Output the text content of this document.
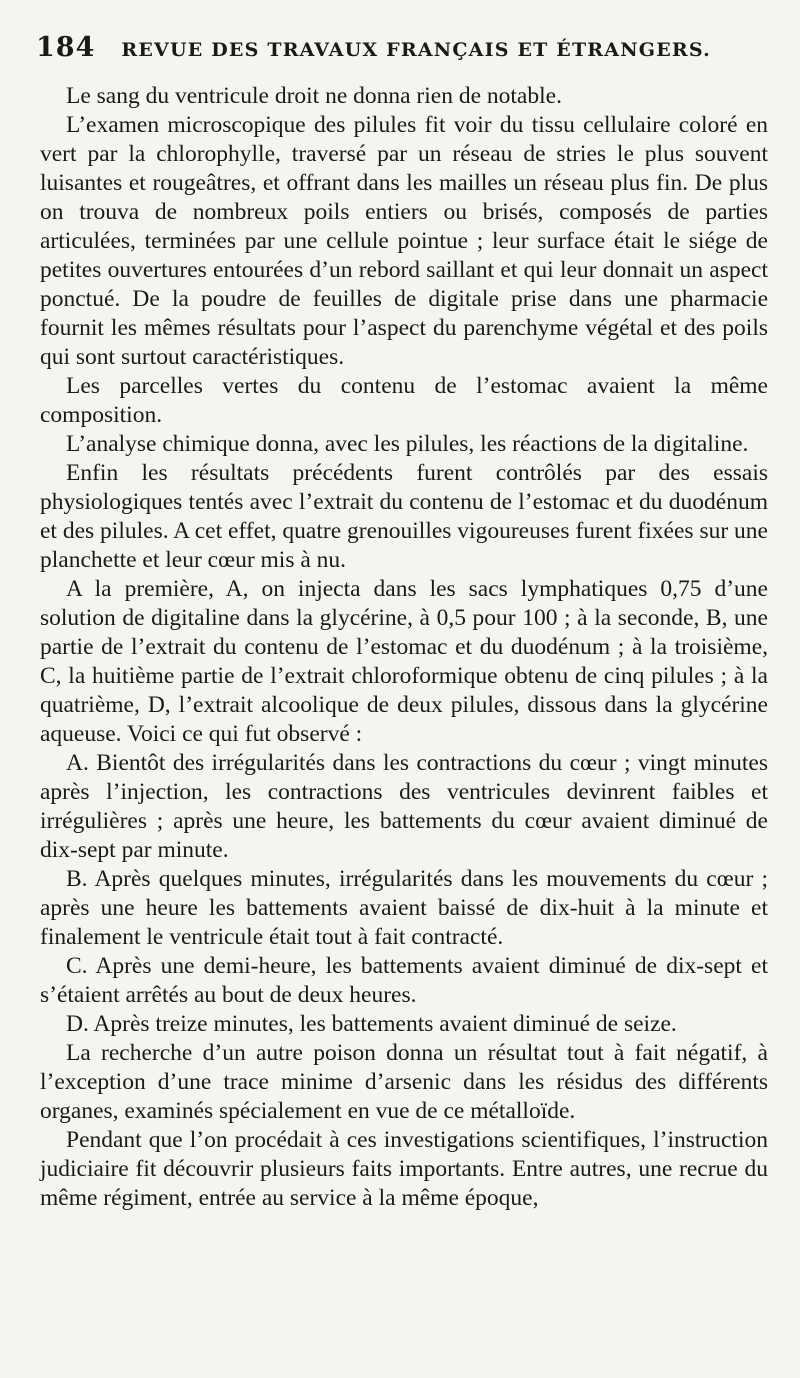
184 REVUE DES TRAVAUX FRANÇAIS ET ÉTRANGERS.

Le sang du ventricule droit ne donna rien de notable.

L’examen microscopique des pilules fit voir du tissu cellulaire coloré en vert par la chlorophylle, traversé par un réseau de stries le plus souvent luisantes et rougeâtres, et offrant dans les mailles un réseau plus fin. De plus on trouva de nombreux poils entiers ou brisés, composés de parties articulées, terminées par une cellule pointue ; leur surface était le siége de petites ouvertures entourées d’un rebord saillant et qui leur donnait un aspect ponctué. De la poudre de feuilles de digitale prise dans une pharmacie fournit les mêmes résultats pour l’aspect du parenchyme végétal et des poils qui sont surtout caractéristiques.

Les parcelles vertes du contenu de l’estomac avaient la même composition.

L’analyse chimique donna, avec les pilules, les réactions de la digitaline.

Enfin les résultats précédents furent contrôlés par des essais physiologiques tentés avec l’extrait du contenu de l’estomac et du duodénum et des pilules. A cet effet, quatre grenouilles vigoureuses furent fixées sur une planchette et leur cœur mis à nu.

A la première, A, on injecta dans les sacs lymphatiques 0,75 d’une solution de digitaline dans la glycérine, à 0,5 pour 100 ; à la seconde, B, une partie de l’extrait du contenu de l’estomac et du duodénum ; à la troisième, C, la huitième partie de l’extrait chloroformique obtenu de cinq pilules ; à la quatrième, D, l’extrait alcoolique de deux pilules, dissous dans la glycérine aqueuse. Voici ce qui fut observé :

A. Bientôt des irrégularités dans les contractions du cœur ; vingt minutes après l’injection, les contractions des ventricules devinrent faibles et irrégulières ; après une heure, les battements du cœur avaient diminué de dix-sept par minute.

B. Après quelques minutes, irrégularités dans les mouvements du cœur ; après une heure les battements avaient baissé de dix-huit à la minute et finalement le ventricule était tout à fait contracté.

C. Après une demi-heure, les battements avaient diminué de dix-sept et s’étaient arrêtés au bout de deux heures.

D. Après treize minutes, les battements avaient diminué de seize.

La recherche d’un autre poison donna un résultat tout à fait négatif, à l’exception d’une trace minime d’arsenic dans les résidus des différents organes, examinés spécialement en vue de ce métalloïde.

Pendant que l’on procédait à ces investigations scientifiques, l’instruction judiciaire fit découvrir plusieurs faits importants. Entre autres, une recrue du même régiment, entrée au service à la même époque,
